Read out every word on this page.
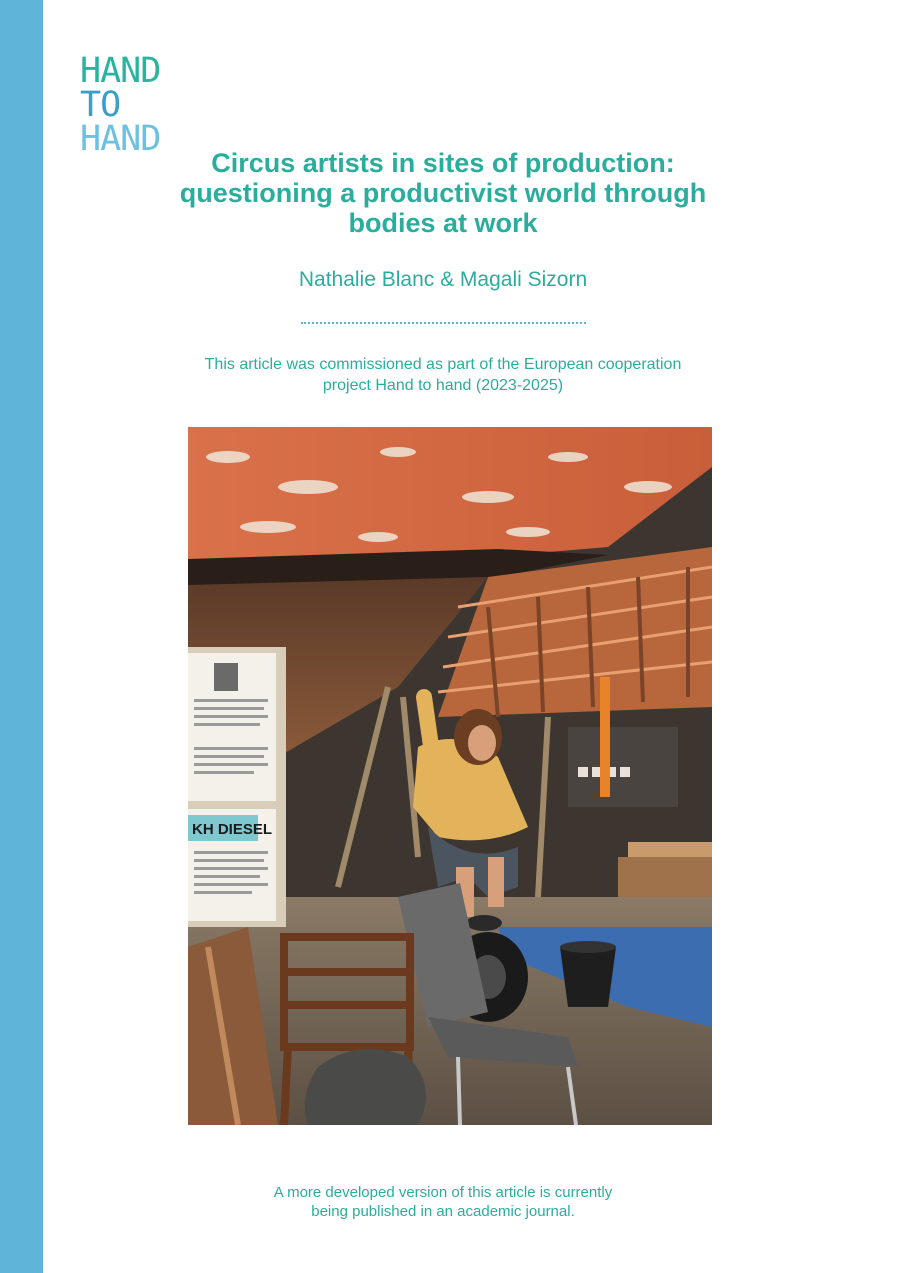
HAND
TO
HAND
Circus artists in sites of production:
questioning a productivist world through
bodies at work
Nathalie Blanc & Magali Sizorn
This article was commissioned as part of the European cooperation
project Hand to hand (2023-2025)
KH DIESEL
A more developed version of this article is currently
being published in an academic journal.
